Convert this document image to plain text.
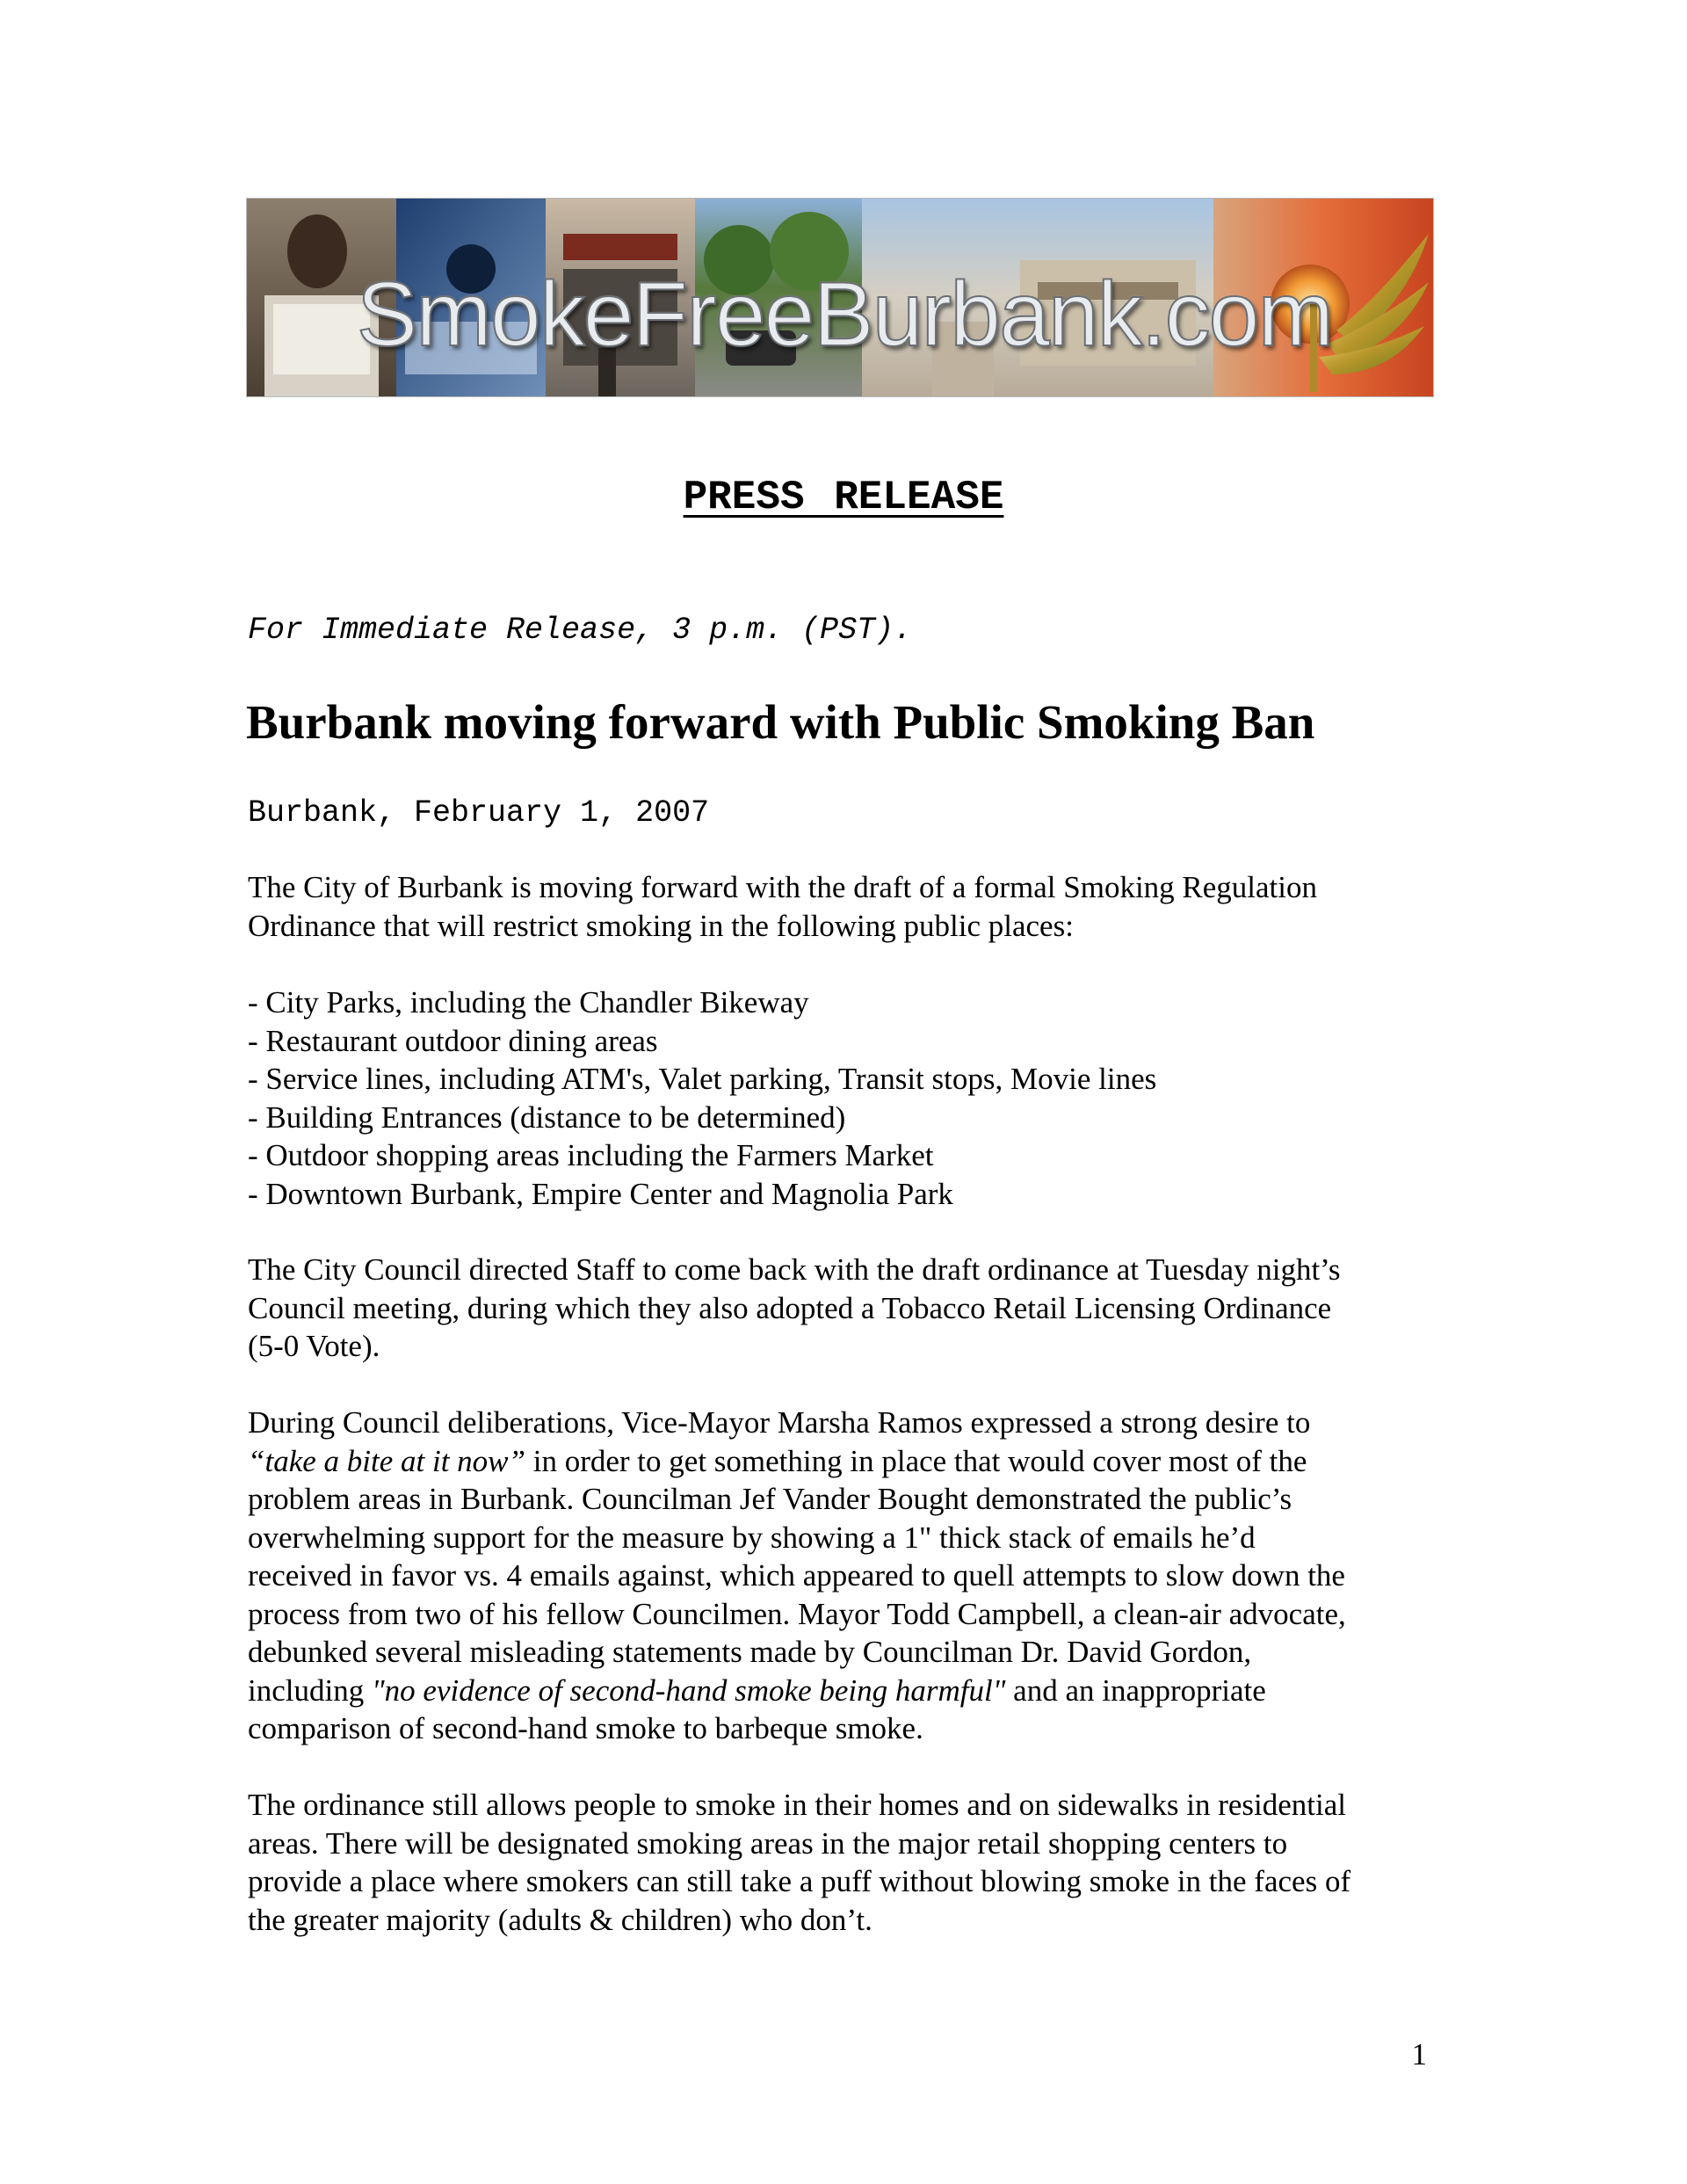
SmokeFreeBurbank.com
PRESS RELEASE
For Immediate Release, 3 p.m. (PST).
Burbank moving forward with Public Smoking Ban
Burbank, February 1, 2007
The City of Burbank is moving forward with the draft of a formal Smoking Regulation
Ordinance that will restrict smoking in the following public places:
- City Parks, including the Chandler Bikeway
- Restaurant outdoor dining areas
- Service lines, including ATM's, Valet parking, Transit stops, Movie lines
- Building Entrances (distance to be determined)
- Outdoor shopping areas including the Farmers Market
- Downtown Burbank, Empire Center and Magnolia Park
The City Council directed Staff to come back with the draft ordinance at Tuesday night’s
Council meeting, during which they also adopted a Tobacco Retail Licensing Ordinance
(5-0 Vote).
During Council deliberations, Vice-Mayor Marsha Ramos expressed a strong desire to
“take a bite at it now” in order to get something in place that would cover most of the
problem areas in Burbank. Councilman Jef Vander Bought demonstrated the public’s
overwhelming support for the measure by showing a 1" thick stack of emails he’d
received in favor vs. 4 emails against, which appeared to quell attempts to slow down the
process from two of his fellow Councilmen. Mayor Todd Campbell, a clean-air advocate,
debunked several misleading statements made by Councilman Dr. David Gordon,
including "no evidence of second-hand smoke being harmful" and an inappropriate
comparison of second-hand smoke to barbeque smoke.
The ordinance still allows people to smoke in their homes and on sidewalks in residential
areas. There will be designated smoking areas in the major retail shopping centers to
provide a place where smokers can still take a puff without blowing smoke in the faces of
the greater majority (adults & children) who don’t.
1
